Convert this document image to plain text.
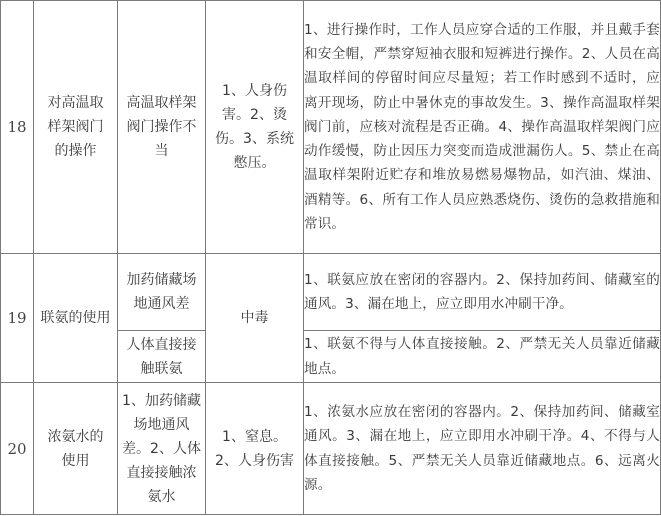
18	对高温取样架阀门的操作	高温取样架阀门操作不当	1、人身伤害。2、烫伤。3、系统憋压。	1、进行操作时，工作人员应穿合适的工作服，并且戴手套和安全帽，严禁穿短袖衣服和短裤进行操作。2、人员在高温取样间的停留时间应尽量短；若工作时感到不适时，应离开现场，防止中暑休克的事故发生。3、操作高温取样架阀门前，应核对流程是否正确。4、操作高温取样架阀门应动作缓慢，防止因压力突变而造成泄漏伤人。5、禁止在高温取样架附近贮存和堆放易燃易爆物品，如汽油、煤油、酒精等。6、所有工作人员应熟悉烧伤、烫伤的急救措施和常识。
19	联氨的使用	加药储藏场地通风差	中毒	1、联氨应放在密闭的容器内。2、保持加药间、储藏室的通风。3、漏在地上，应立即用水冲刷干净。

		人体直接接触联氨		1、联氨不得与人体直接接触。2、严禁无关人员靠近储藏地点。
20	浓氨水的使用	1、加药储藏场地通风差。2、人体直接接触浓氨水	1、窒息。2、人身伤害	1、浓氨水应放在密闭的容器内。2、保持加药间、储藏室通风。3、漏在地上，应立即用水冲刷干净。4、不得与人体直接接触。5、严禁无关人员靠近储藏地点。6、远离火源。
